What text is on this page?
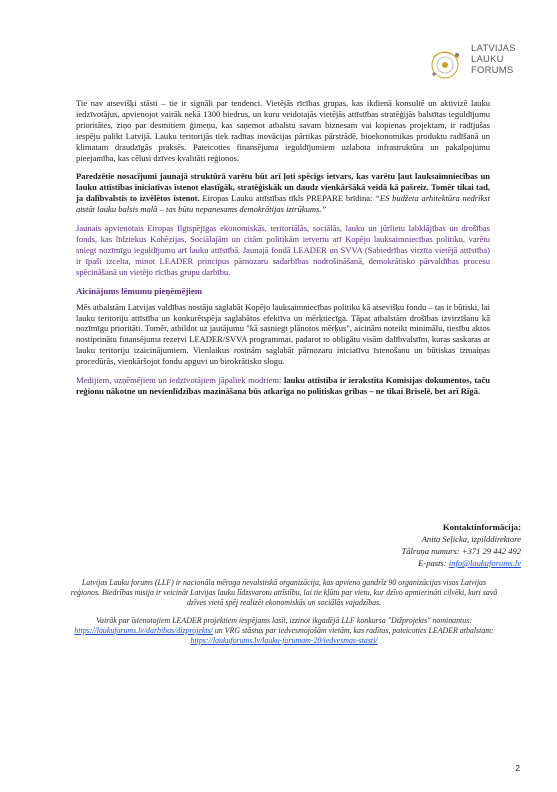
LATVIJAS
LAUKU
FORUMS

Tie nav atsevišķi stāsti – tie ir signāli par tendenci. Vietējās rīcības grupas, kas ikdienā konsultē un aktivizē lauku iedzīvotājus, apvienojot vairāk nekā 1300 biedrus, un kuru veidotajās vietējās attīstības stratēģijās balstītas ieguldījumu prioritātes, ziņo par desmitiem ģimeņu, kas saņemot atbalstu savam biznesam vai kopienas projektam, ir radījušas iespēju palikt Latvijā. Lauku teritorijās tiek radītas inovācijas pārtikas pārstrādē, bioekonomikas produktu radīšanā un klimatam draudzīgās praksēs. Pateicoties finansējuma ieguldījumiem uzlabota infrastruktūra un pakalpojumu pieejamība, kas cēlusi dzīves kvalitāti reģionos.

Paredzētie nosacījumi jaunajā struktūrā varētu būt arī ļoti spēcīgs ietvars, kas varētu ļaut lauksaimniecības un lauku attīstības iniciatīvas īstenot elastīgāk, stratēģiskāk un daudz vienkāršākā veidā kā pašreiz. Tomēr tikai tad, ja dalībvalstis to izvēlētos īstenot. Eiropas Lauku attīstības tīkls PREPARE brīdina: “ES budžeta arhitektūra nedrīkst atstāt lauku balsis malā – tas būtu nepanesams demokrātijas iztrūkums.”

Jaunais apvienotais Eiropas Ilgtspējīgas ekonomiskās, teritoriālās, sociālās, lauku un jūrlietu labklājības un drošības fonds, kas līdztekus Kohēzijas, Sociālajām un citām politikām ietvertu arī Kopējo lauksaimniecības politiku, varētu sniegt nozīmīgu ieguldījumu arī lauku attīstībā. Jaunajā fondā LEADER un SVVA (Sabiedrības virzīta vietējā attīstība) ir īpaši izcelta, minot LEADER principus pārnozaru sadarbības nodrošināšanā, demokrātisko pārvaldības procesu spēcināšanā un vietējo rīcības grupu darbību.

Aicinājums lēmumu pieņēmējiem

Mēs atbalstām Latvijas valdības nostāju saglabāt Kopējo lauksaimniecības politiku kā atsevišķu fondu – tas ir būtiski, lai lauku teritoriju attīstība un konkurētspēja saglabātos efektīva un mērķtiecīga. Tāpat atbalstām drošības izvirzīšanu kā nozīmīgu prioritāti. Tomēr, atbildot uz jautājumu "kā sasniegt plānotos mērķus", aicinām noteikt minimālu, tiesību aktos nostiprinātu finansējuma rezervi LEADER/SVVA programmai, padarot to obligātu visām dalībvalstīm, kuras saskaras ar lauku teritoriju izaicinājumiem. Vienlaikus rosinām saglabāt pārnozaru iniciatīvu īstenošanu un būtiskas izmaiņas procedūrās, vienkāršojot fondu apguvi un birokrātisko slogu.

Medijiem, uzņēmējiem un iedzīvotājiem jāpaliek modriem: lauku attīstība ir ierakstīta Komisijas dokumentos, taču reģionu nākotne un nevienlīdzības mazināšana būs atkarīga no politiskas gribas – ne tikai Briselē, bet arī Rīgā.

Kontaktinformācija:
Anita Seļicka, izpilddirektore
Tālruņa numurs: +371 29 442 492
E-pasts: info@laukuforums.lv

Latvijas Lauku forums (LLF) ir nacionāla mēroga nevalstiskā organizācija, kas apvieno gandrīz 90 organizācijas visos Latvijas reģionos. Biedrības misija ir veicināt Latvijas lauku līdzsvarotu attīstību, lai tie kļūtu par vietu, kur dzīvo apmierināti cilvēki, kuri savā dzīves vietā spēj realizēt ekonomiskās un sociālās vajadzības.

Vairāk par īstenotajiem LEADER projektiem iespējams lasīt, izzinot ikgadējā LLF konkursa "Dižprojekts" nominantus: https://laukuforums.lv/darbibas/dizprojekts/ un VRG stāstus par iedvesmojošām vietām, kas radītas, pateicoties LEADER atbalstam: https://laukuforums.lv/lauku-forumam-20/iedvesmas-stasti/

2
